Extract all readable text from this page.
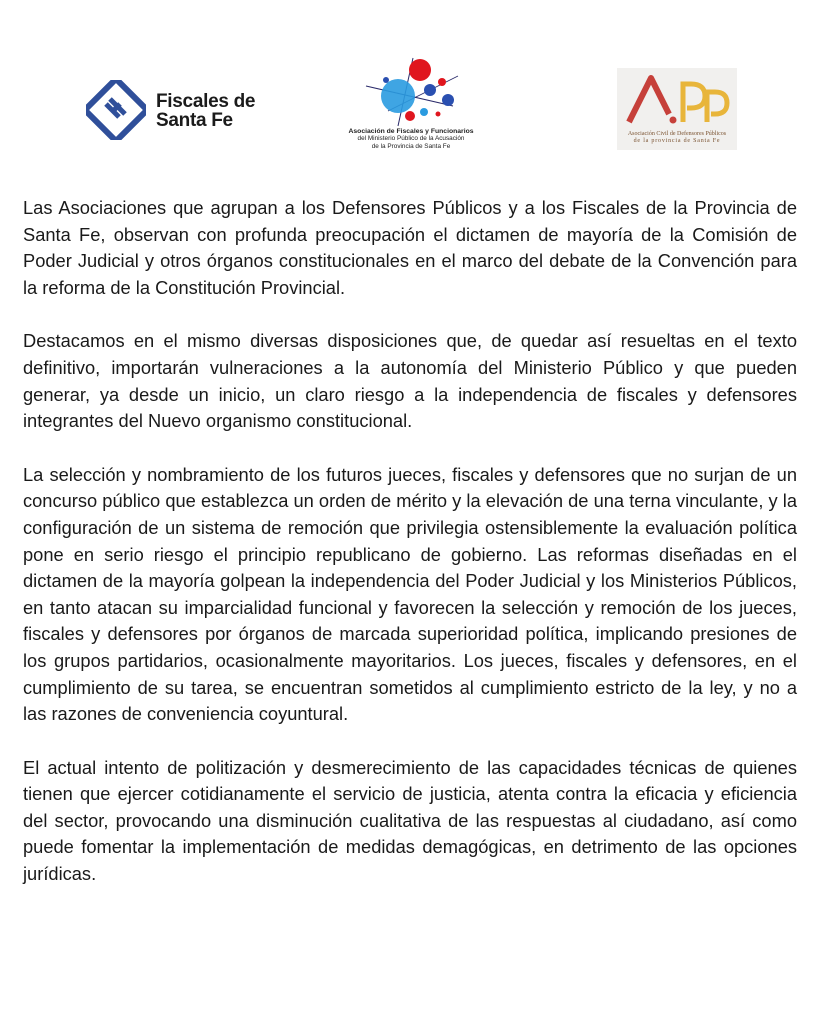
Fiscales de
Santa Fe
Asociación de Fiscales y Funcionarios
del Ministerio Público de la Acusación
de la Provincia de Santa Fe
Asociación Civil de Defensores Públicos
de la provincia de Santa Fe

Las Asociaciones que agrupan a los Defensores Públicos y a los Fiscales de la Provincia de Santa Fe, observan con profunda preocupación el dictamen de mayoría de la Comisión de Poder Judicial y otros órganos constitucionales en el marco del debate de la Convención para la reforma de la Constitución Provincial.

Destacamos en el mismo diversas disposiciones que, de quedar así resueltas en el texto definitivo, importarán vulneraciones a la autonomía del Ministerio Público y que pueden generar, ya desde un inicio, un claro riesgo a la independencia de fiscales y defensores integrantes del Nuevo organismo constitucional.

La selección y nombramiento de los futuros jueces, fiscales y defensores que no surjan de un concurso público que establezca un orden de mérito y la elevación de una terna vinculante, y la configuración de un sistema de remoción que privilegia ostensiblemente la evaluación política pone en serio riesgo el principio republicano de gobierno. Las reformas diseñadas en el dictamen de la mayoría golpean la independencia del Poder Judicial y los Ministerios Públicos, en tanto atacan su imparcialidad funcional y favorecen la selección y remoción de los jueces, fiscales y defensores por órganos de marcada superioridad política, implicando presiones de los grupos partidarios, ocasionalmente mayoritarios. Los jueces, fiscales y defensores, en el cumplimiento de su tarea, se encuentran sometidos al cumplimiento estricto de la ley, y no a las razones de conveniencia coyuntural.

El actual intento de politización y desmerecimiento de las capacidades técnicas de quienes tienen que ejercer cotidianamente el servicio de justicia, atenta contra la eficacia y eficiencia del sector, provocando una disminución cualitativa de las respuestas al ciudadano, así como puede fomentar la implementación de medidas demagógicas, en detrimento de las opciones jurídicas.
